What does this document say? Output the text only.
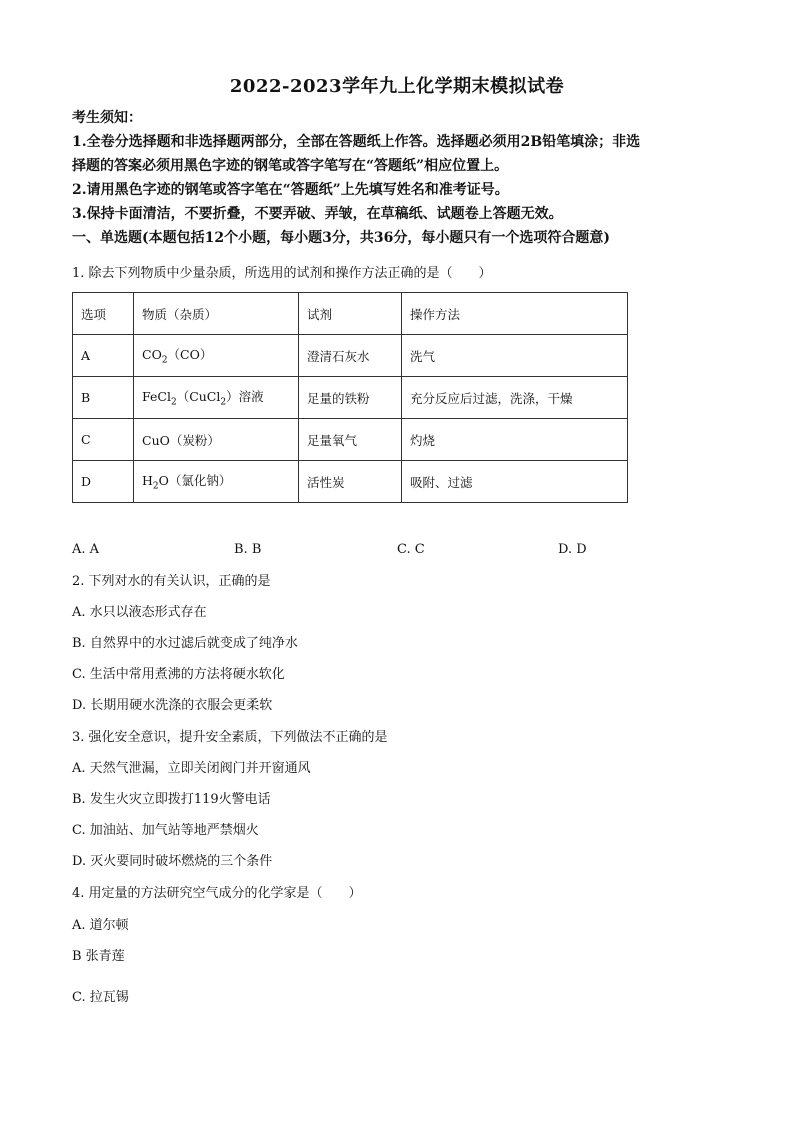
2022-2023学年九上化学期末模拟试卷
考生须知：
1.全卷分选择题和非选择题两部分，全部在答题纸上作答。选择题必须用2B铅笔填涂；非选
择题的答案必须用黑色字迹的钢笔或答字笔写在“答题纸”相应位置上。
2.请用黑色字迹的钢笔或答字笔在“答题纸”上先填写姓名和准考证号。
3.保持卡面清洁，不要折叠，不要弄破、弄皱，在草稿纸、试题卷上答题无效。
一、单选题(本题包括12个小题，每小题3分，共36分，每小题只有一个选项符合题意)
1. 除去下列物质中少量杂质，所选用的试剂和操作方法正确的是（　　）
选项	物质（杂质）	试剂	操作方法
A	$CO_2(CO)$	澄清石灰水	洗气
B	FeCl$_2$（CuCl$_2$）溶液	足量的铁粉	充分反应后过滤，洗涤，干燥
C	CuO（炭粉）	足量氧气	灼烧
D	$H_2O$（氯化钠）	活性炭	吸附、过滤
A. A	B. B	C. C	D. D
2. 下列对水的有关认识，正确的是
A. 水只以液态形式存在
B. 自然界中的水过滤后就变成了纯净水
C. 生活中常用煮沸的方法将硬水软化
D. 长期用硬水洗涤的衣服会更柔软
3. 强化安全意识，提升安全素质，下列做法不正确的是
A. 天然气泄漏，立即关闭阀门并开窗通风
B. 发生火灾立即拨打119火警电话
C. 加油站、加气站等地严禁烟火
D. 灭火要同时破坏燃烧的三个条件
4. 用定量的方法研究空气成分的化学家是（　　）
A. 道尔顿
B 张青莲
C. 拉瓦锡
